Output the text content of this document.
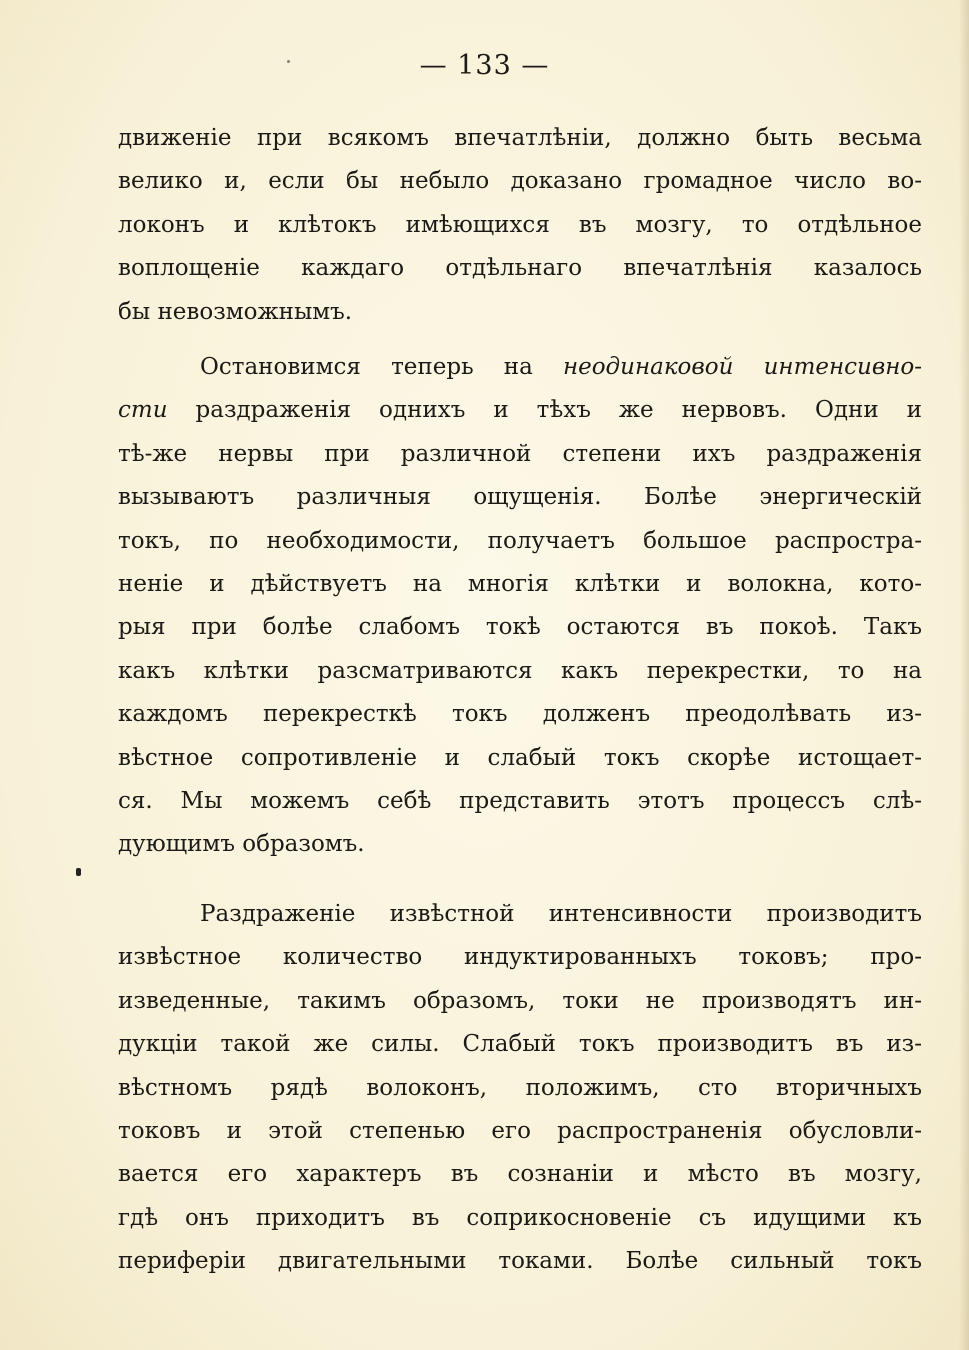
— 133 —
движеніе при всякомъ впечатлѣніи, должно быть весьма
велико и, если бы небыло доказано громадное число во-
локонъ и клѣтокъ имѣющихся въ мозгу, то отдѣльное
воплощеніе каждаго отдѣльнаго впечатлѣнія казалось
бы невозможнымъ.
Остановимся теперь на неодинаковой интенсивно-
сти раздраженія однихъ и тѣхъ же нервовъ. Одни и
тѣ-же нервы при различной степени ихъ раздраженія
вызываютъ различныя ощущенія. Болѣе энергическій
токъ, по необходимости, получаетъ большое распростра-
неніе и дѣйствуетъ на многія клѣтки и волокна, кото-
рыя при болѣе слабомъ токѣ остаются въ покоѣ. Такъ
какъ клѣтки разсматриваются какъ перекрестки, то на
каждомъ перекресткѣ токъ долженъ преодолѣвать из-
вѣстное сопротивленіе и слабый токъ скорѣе истощает-
ся. Мы можемъ себѣ представить этотъ процессъ слѣ-
дующимъ образомъ.
Раздраженіе извѣстной интенсивности производитъ
извѣстное количество индуктированныхъ токовъ; про-
изведенные, такимъ образомъ, токи не производятъ ин-
дукціи такой же силы. Слабый токъ производитъ въ из-
вѣстномъ рядѣ волоконъ, положимъ, сто вторичныхъ
токовъ и этой степенью его распространенія обусловли-
вается его характеръ въ сознаніи и мѣсто въ мозгу,
гдѣ онъ приходитъ въ соприкосновеніе съ идущими къ
периферіи двигательными токами. Болѣе сильный токъ
